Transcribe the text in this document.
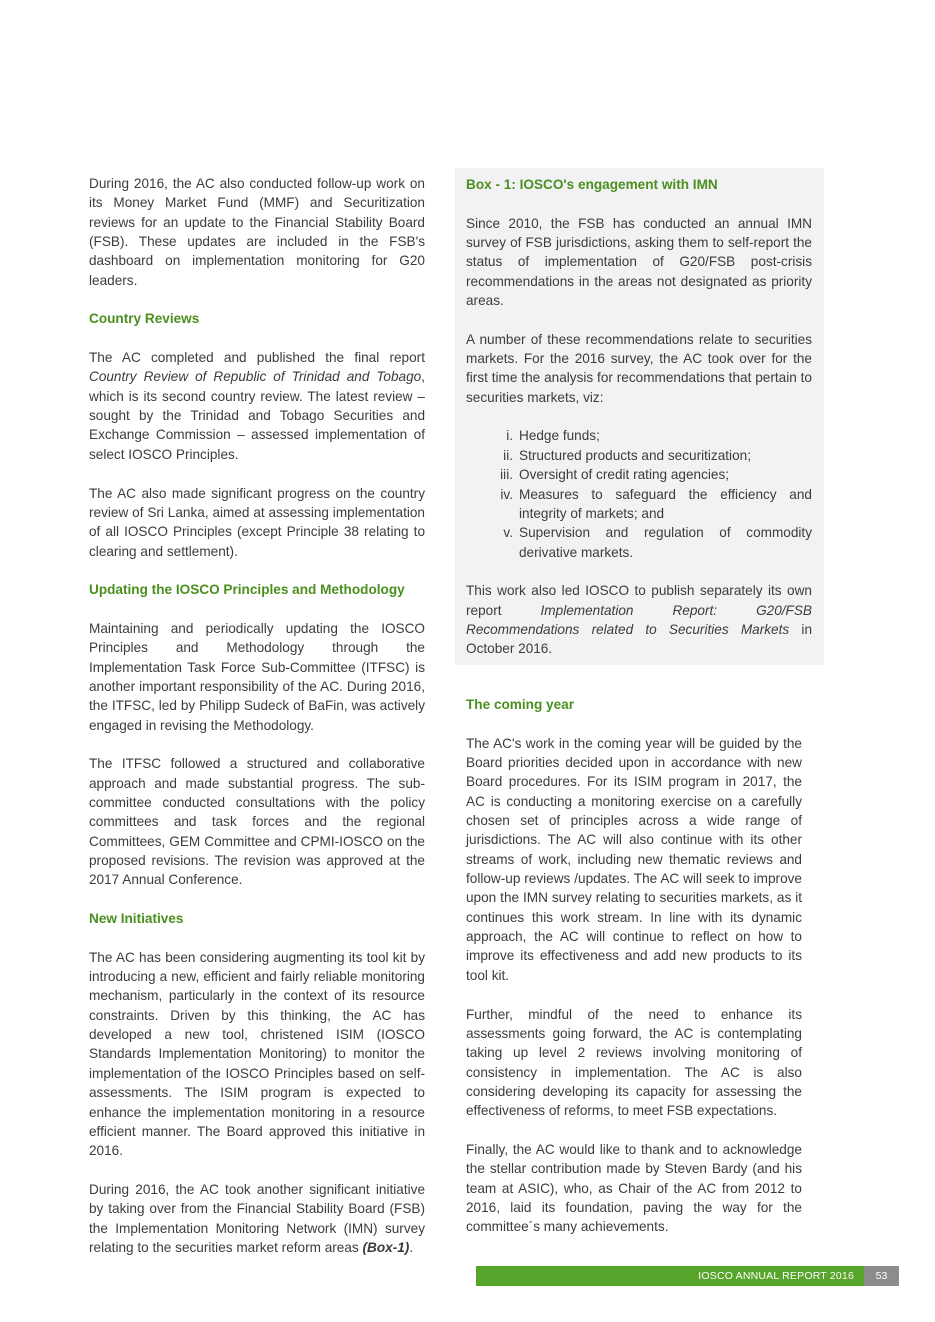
During 2016, the AC also conducted follow-up work on its Money Market Fund (MMF) and Securitization reviews for an update to the Financial Stability Board (FSB). These updates are included in the FSB's dashboard on implementation monitoring for G20 leaders.

Country Reviews

The AC completed and published the final report Country Review of Republic of Trinidad and Tobago, which is its second country review. The latest review – sought by the Trinidad and Tobago Securities and Exchange Commission – assessed implementation of select IOSCO Principles.

The AC also made significant progress on the country review of Sri Lanka, aimed at assessing implementation of all IOSCO Principles (except Principle 38 relating to clearing and settlement).

Updating the IOSCO Principles and Methodology

Maintaining and periodically updating the IOSCO Principles and Methodology through the Implementation Task Force Sub-Committee (ITFSC) is another important responsibility of the AC. During 2016, the ITFSC, led by Philipp Sudeck of BaFin, was actively engaged in revising the Methodology.

The ITFSC followed a structured and collaborative approach and made substantial progress. The sub-committee conducted consultations with the policy committees and task forces and the regional Committees, GEM Committee and CPMI-IOSCO on the proposed revisions. The revision was approved at the 2017 Annual Conference.

New Initiatives

The AC has been considering augmenting its tool kit by introducing a new, efficient and fairly reliable monitoring mechanism, particularly in the context of its resource constraints. Driven by this thinking, the AC has developed a new tool, christened ISIM (IOSCO Standards Implementation Monitoring) to monitor the implementation of the IOSCO Principles based on self-assessments. The ISIM program is expected to enhance the implementation monitoring in a resource efficient manner. The Board approved this initiative in 2016.

During 2016, the AC took another significant initiative by taking over from the Financial Stability Board (FSB) the Implementation Monitoring Network (IMN) survey relating to the securities market reform areas (Box-1).

Box - 1: IOSCO's engagement with IMN

Since 2010, the FSB has conducted an annual IMN survey of FSB jurisdictions, asking them to self-report the status of implementation of G20/FSB post-crisis recommendations in the areas not designated as priority areas.

A number of these recommendations relate to securities markets. For the 2016 survey, the AC took over for the first time the analysis for recommendations that pertain to securities markets, viz:

i. Hedge funds;
ii. Structured products and securitization;
iii. Oversight of credit rating agencies;
iv. Measures to safeguard the efficiency and integrity of markets; and
v. Supervision and regulation of commodity derivative markets.

This work also led IOSCO to publish separately its own report Implementation Report: G20/FSB Recommendations related to Securities Markets in October 2016.

The coming year

The AC's work in the coming year will be guided by the Board priorities decided upon in accordance with new Board procedures. For its ISIM program in 2017, the AC is conducting a monitoring exercise on a carefully chosen set of principles across a wide range of jurisdictions. The AC will also continue with its other streams of work, including new thematic reviews and follow-up reviews /updates. The AC will seek to improve upon the IMN survey relating to securities markets, as it continues this work stream. In line with its dynamic approach, the AC will continue to reflect on how to improve its effectiveness and add new products to its tool kit.

Further, mindful of the need to enhance its assessments going forward, the AC is contemplating taking up level 2 reviews involving monitoring of consistency in implementation. The AC is also considering developing its capacity for assessing the effectiveness of reforms, to meet FSB expectations.

Finally, the AC would like to thank and to acknowledge the stellar contribution made by Steven Bardy (and his team at ASIC), who, as Chair of the AC from 2012 to 2016, laid its foundation, paving the way for the committee´s many achievements.

IOSCO ANNUAL REPORT 2016	53
